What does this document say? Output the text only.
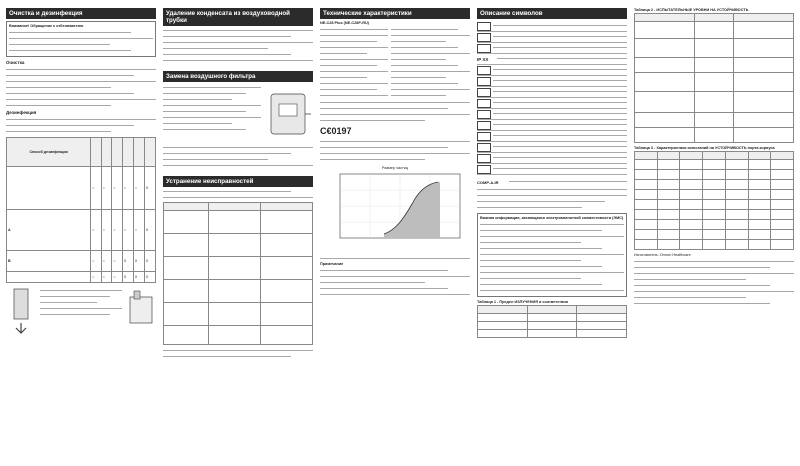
Очистка и дезинфекция
Внимание! Обращение к отбеливателю
Очистка
Дезинфекция
Способ дезинфекции						
	○	○	○	○	○	X
A	○	○	○	○	○	X
B	○	○	○	X	X	X
	○	○	○	X	X	X
Удаление конденсата из воздуховодной трубки
Замена воздушного фильтра
Устранение неисправностей

Технические характеристики
NE-C28 Plus (NE-C28P-RU)
C€0197
Размер частиц
Примечание
Описание символов
IP XX
COMP-A-IR
Важная информация, касающаяся электромагнитной совместимости (ЭМС)
Таблица 1 - Предел ИЗЛУЧЕНИЯ и соответствия

Таблица 2 - ИСПЫТАТЕЛЬНЫЕ УРОВНИ НА УСТОЙЧИВОСТЬ

Таблица 3 - Характеристики испытаний на УСТОЙЧИВОСТЬ порта корпуса

Изготовитель: Omron Healthcare
